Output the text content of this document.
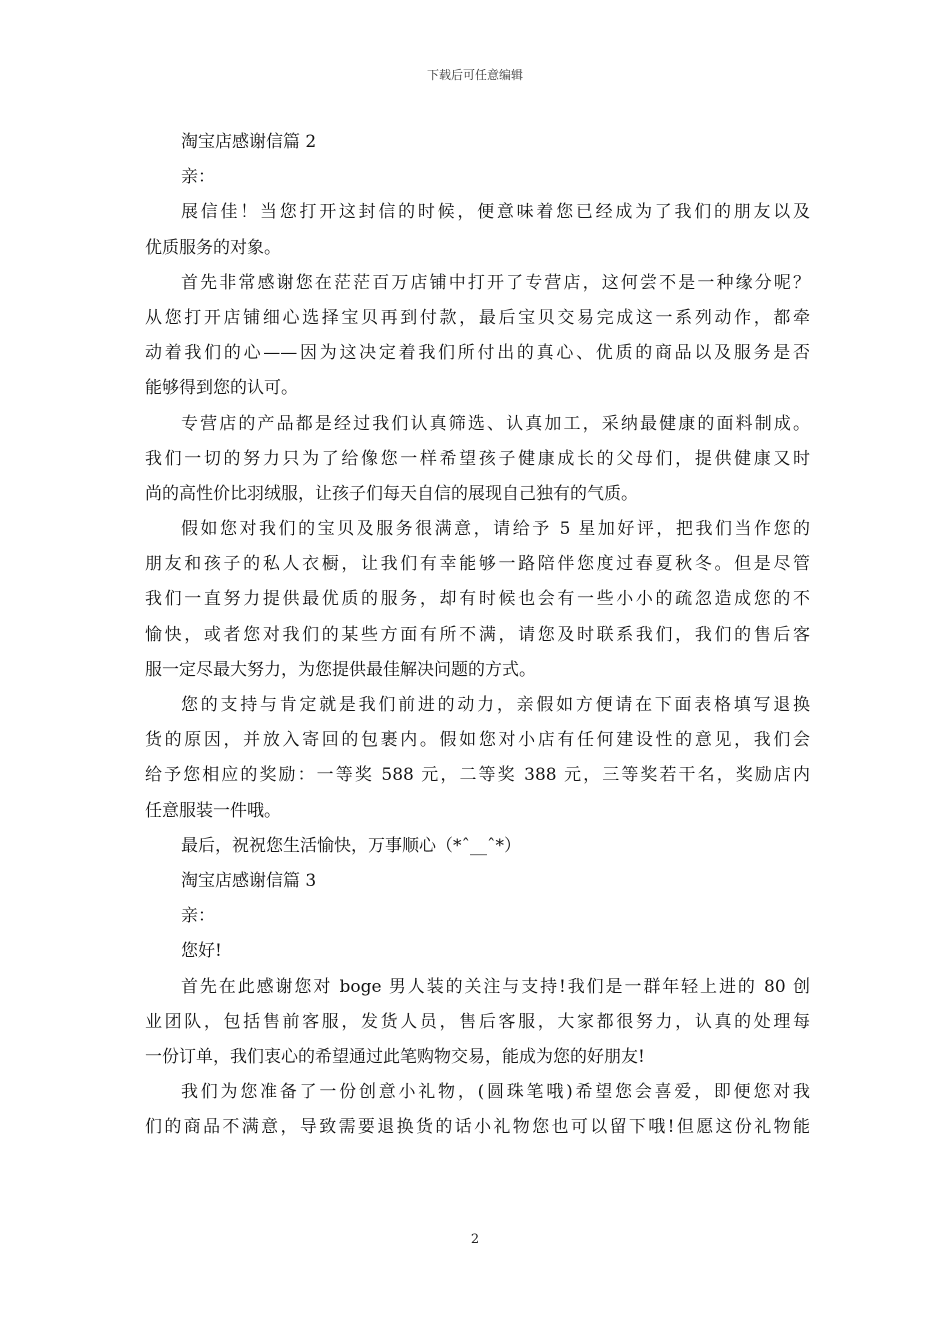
下载后可任意编辑
淘宝店感谢信篇 2
亲：
展信佳！当您打开这封信的时候，便意味着您已经成为了我们的朋友以及
优质服务的对象。
首先非常感谢您在茫茫百万店铺中打开了专营店，这何尝不是一种缘分呢？
从您打开店铺细心选择宝贝再到付款，最后宝贝交易完成这一系列动作，都牵
动着我们的心——因为这决定着我们所付出的真心、优质的商品以及服务是否
能够得到您的认可。
专营店的产品都是经过我们认真筛选、认真加工，采纳最健康的面料制成。
我们一切的努力只为了给像您一样希望孩子健康成长的父母们，提供健康又时
尚的高性价比羽绒服，让孩子们每天自信的展现自己独有的气质。
假如您对我们的宝贝及服务很满意，请给予 5 星加好评，把我们当作您的
朋友和孩子的私人衣橱，让我们有幸能够一路陪伴您度过春夏秋冬。但是尽管
我们一直努力提供最优质的服务，却有时候也会有一些小小的疏忽造成您的不
愉快，或者您对我们的某些方面有所不满，请您及时联系我们，我们的售后客
服一定尽最大努力，为您提供最佳解决问题的方式。
您的支持与肯定就是我们前进的动力，亲假如方便请在下面表格填写退换
货的原因，并放入寄回的包裹内。假如您对小店有任何建设性的意见，我们会
给予您相应的奖励：一等奖 588 元，二等奖 388 元，三等奖若干名，奖励店内
任意服装一件哦。
最后，祝祝您生活愉快，万事顺心（*ˆ__ˆ*）
淘宝店感谢信篇 3
亲：
您好!
首先在此感谢您对 boge 男人装的关注与支持!我们是一群年轻上进的 80 创
业团队，包括售前客服，发货人员，售后客服，大家都很努力，认真的处理每
一份订单，我们衷心的希望通过此笔购物交易，能成为您的好朋友!
我们为您准备了一份创意小礼物，(圆珠笔哦)希望您会喜爱，即便您对我
们的商品不满意，导致需要退换货的话小礼物您也可以留下哦!但愿这份礼物能
2
